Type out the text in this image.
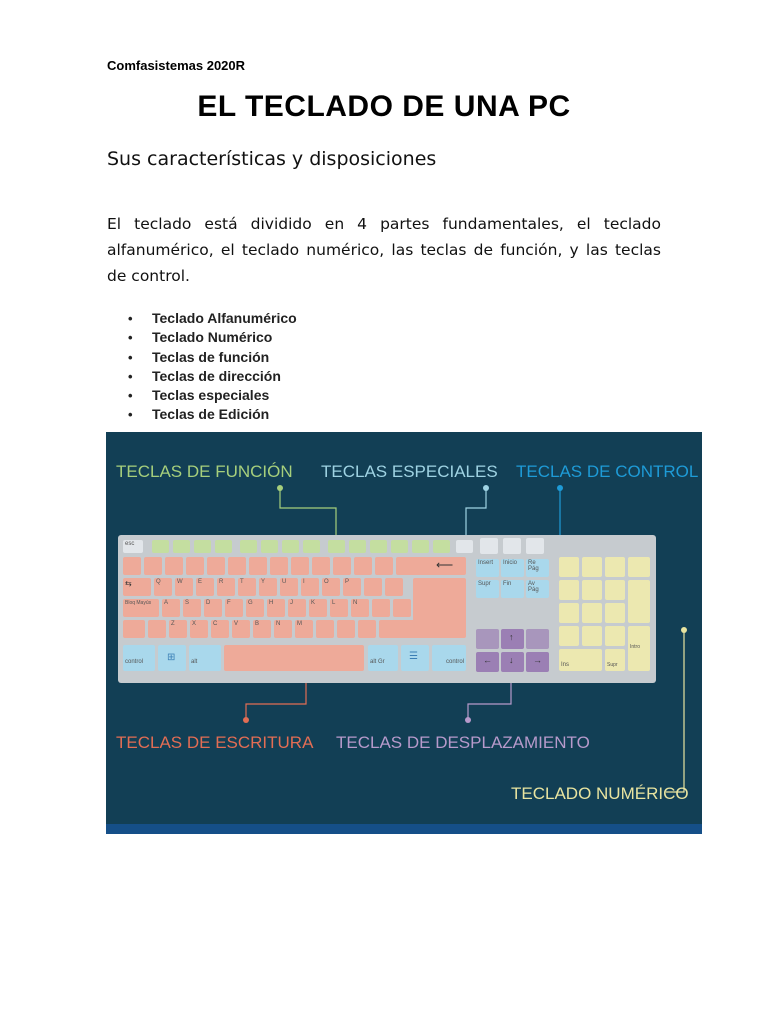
Comfasistemas 2020R
EL TECLADO DE UNA PC
Sus características y disposiciones

El teclado está dividido en 4 partes fundamentales, el teclado alfanumérico, el teclado numérico, las teclas de función, y las teclas de control.

• Teclado Alfanumérico
• Teclado Numérico
• Teclas de función
• Teclas de dirección
• Teclas especiales
• Teclas de Edición
TECLAS DE FUNCIÓN TECLAS ESPECIALES TECLAS DE CONTROL
TECLAS DE ESCRITURA TECLAS DE DESPLAZAMIENTO
TECLADO NUMÉRICO
esc
⟵
⇆	Q	W	E	R	T	Y	U	I	O	P
Bloq Mayús	A	S	D	F	G	H	J	K	L	Ñ
Z	X	C	V	B	N	M
control	⊞	alt	alt Gr	☰	control
Insert	Inicio	Re Pág
Supr	Fin	Av Pág
↑
← ↓ →
Intro
Ins	Supr
